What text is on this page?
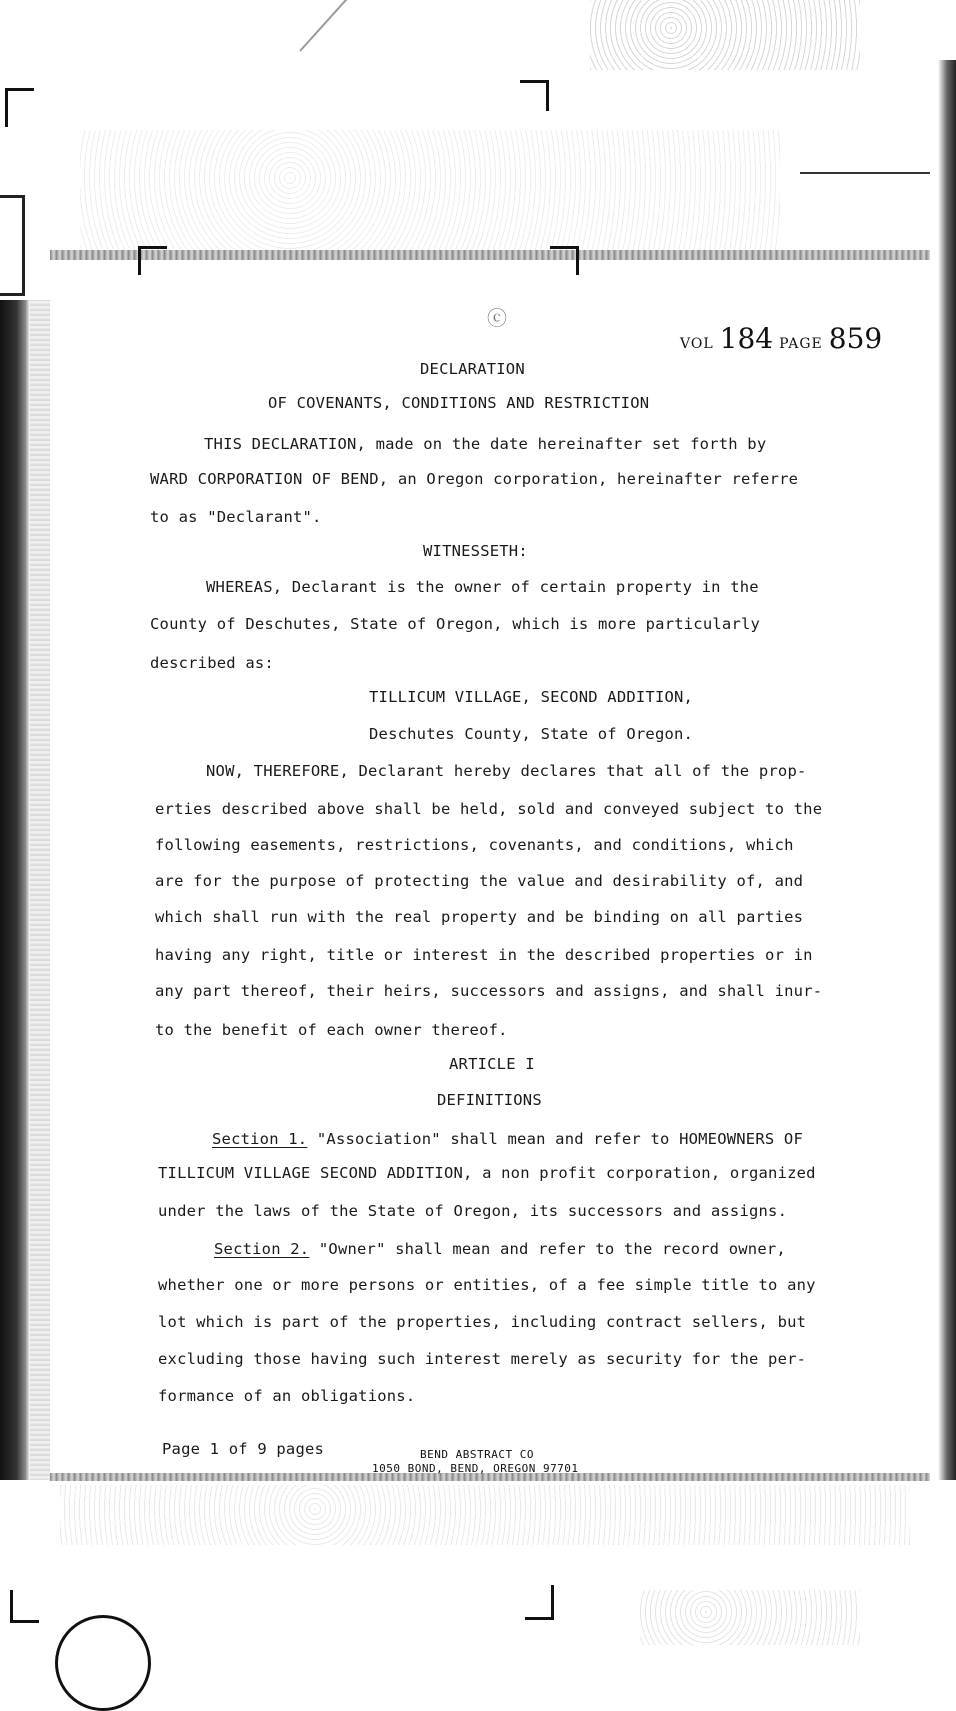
ⓒ
VOL 184 PAGE 859
DECLARATION
OF COVENANTS, CONDITIONS AND RESTRICTION
THIS DECLARATION, made on the date hereinafter set forth by
WARD CORPORATION OF BEND, an Oregon corporation, hereinafter referre
to as "Declarant".
WITNESSETH:
WHEREAS, Declarant is the owner of certain property in the
County of Deschutes, State of Oregon, which is more particularly
described as:
TILLICUM VILLAGE, SECOND ADDITION,
Deschutes County, State of Oregon.
NOW, THEREFORE, Declarant hereby declares that all of the prop-
erties described above shall be held, sold and conveyed subject to the
following easements, restrictions, covenants, and conditions, which
are for the purpose of protecting the value and desirability of, and
which shall run with the real property and be binding on all parties
having any right, title or interest in the described properties or in
any part thereof, their heirs, successors and assigns, and shall inur-
to the benefit of each owner thereof.
ARTICLE I
DEFINITIONS
Section 1. "Association" shall mean and refer to HOMEOWNERS OF
TILLICUM VILLAGE SECOND ADDITION, a non profit corporation, organized
under the laws of the State of Oregon, its successors and assigns.
Section 2. "Owner" shall mean and refer to the record owner,
whether one or more persons or entities, of a fee simple title to any
lot which is part of the properties, including contract sellers, but
excluding those having such interest merely as security for the per-
formance of an obligations.
Page 1 of 9 pages	BEND ABSTRACT CO
1050 BOND, BEND, OREGON 97701
